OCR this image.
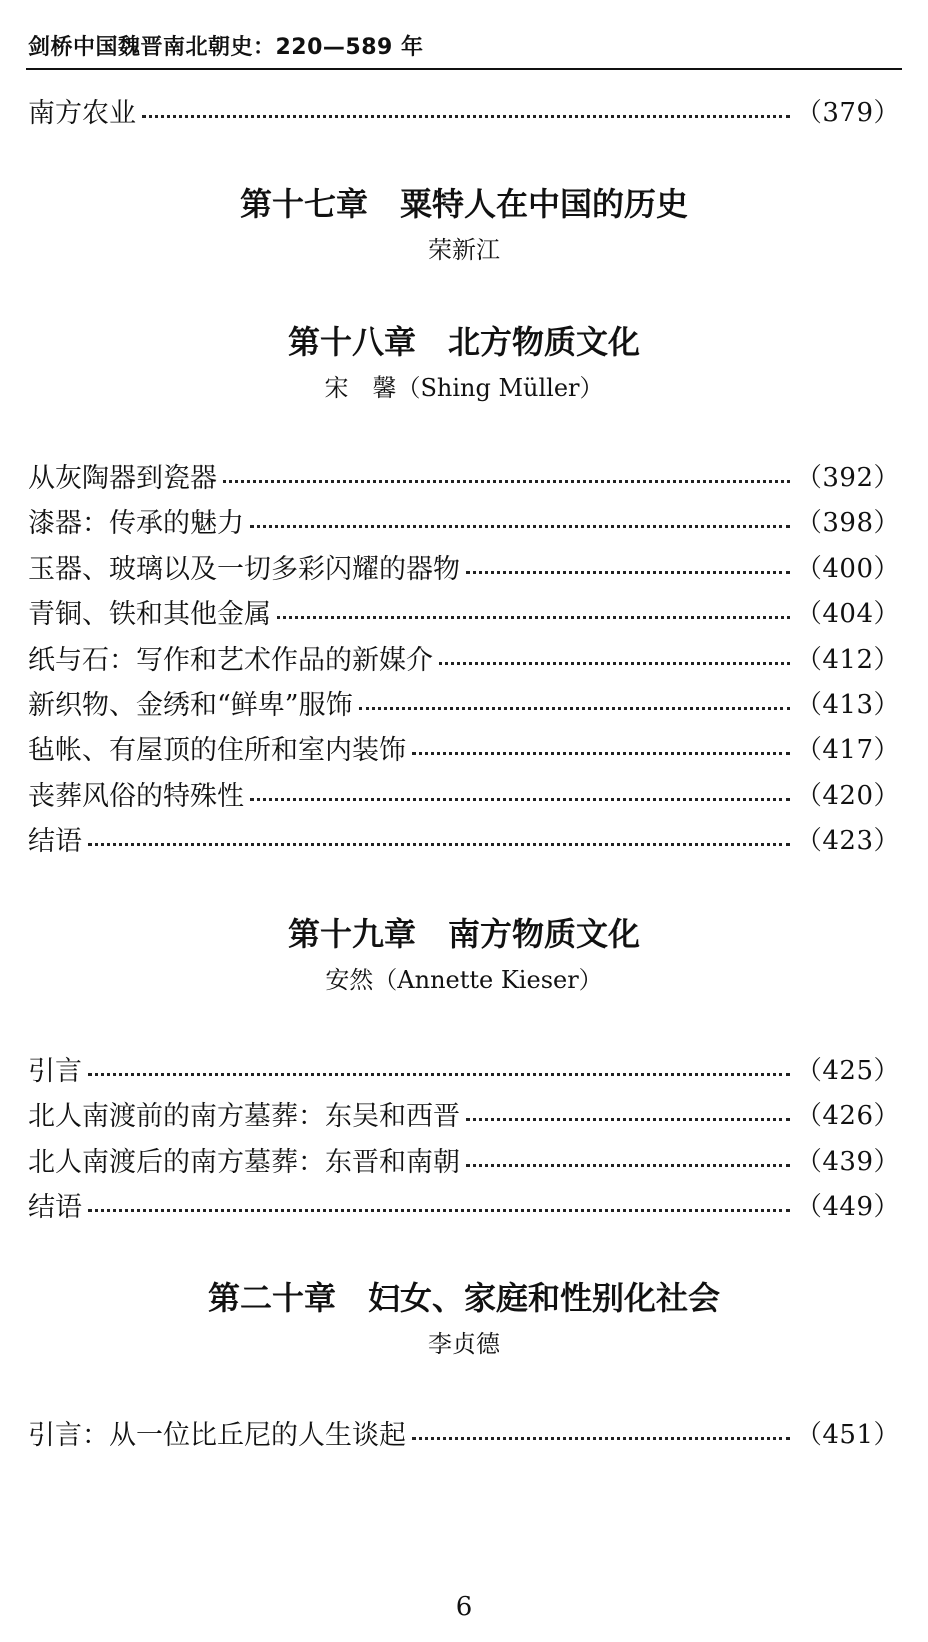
剑桥中国魏晋南北朝史：220—589 年
南方农业	（379）
第十七章　粟特人在中国的历史
荣新江
第十八章　北方物质文化
宋　馨（Shing Müller）
从灰陶器到瓷器	（392）
漆器：传承的魅力	（398）
玉器、玻璃以及一切多彩闪耀的器物	（400）
青铜、铁和其他金属	（404）
纸与石：写作和艺术作品的新媒介	（412）
新织物、金绣和“鲜卑”服饰	（413）
毡帐、有屋顶的住所和室内装饰	（417）
丧葬风俗的特殊性	（420）
结语	（423）
第十九章　南方物质文化
安然（Annette Kieser）
引言	（425）
北人南渡前的南方墓葬：东吴和西晋	（426）
北人南渡后的南方墓葬：东晋和南朝	（439）
结语	（449）
第二十章　妇女、家庭和性别化社会
李贞德
引言：从一位比丘尼的人生谈起	（451）
6
